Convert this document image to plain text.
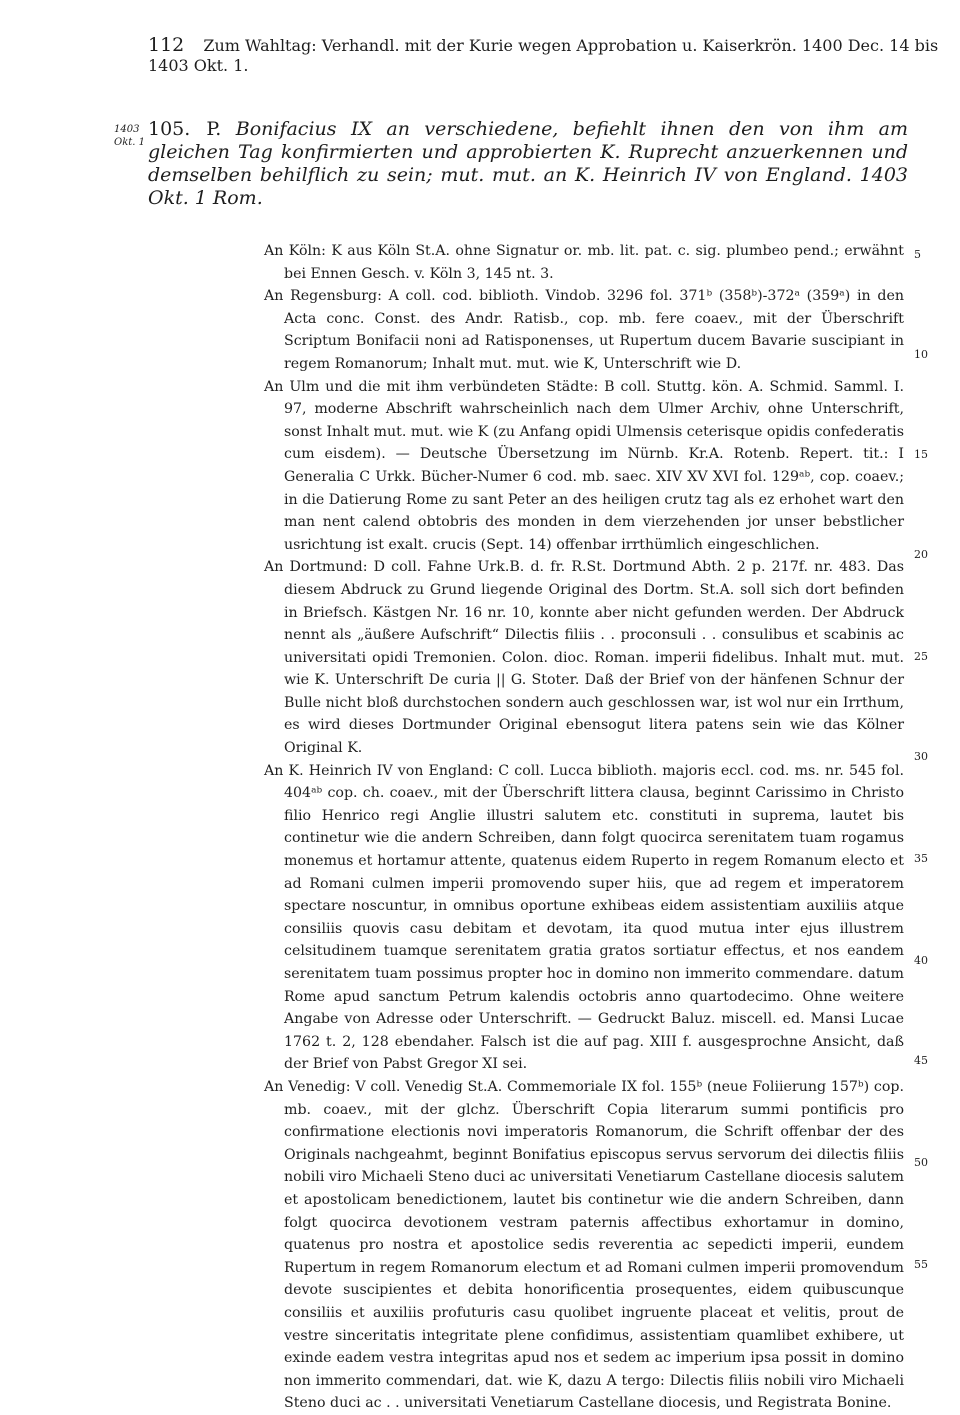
112 Zum Wahltag: Verhandl. mit der Kurie wegen Approbation u. Kaiserkrön. 1400 Dec. 14 bis 1403 Okt. 1.
1403
Okt. 1
105. P. Bonifacius IX an verschiedene, befiehlt ihnen den von ihm am gleichen Tag konfirmierten und approbierten K. Ruprecht anzuerkennen und demselben behilflich zu sein; mut. mut. an K. Heinrich IV von England. 1403 Okt. 1 Rom.

An Köln: K aus Köln St.A. ohne Signatur or. mb. lit. pat. c. sig. plumbeo pend.; erwähnt bei Ennen Gesch. v. Köln 3, 145 nt. 3.

An Regensburg: A coll. cod. biblioth. Vindob. 3296 fol. 371ᵇ (358ᵇ)-372ᵃ (359ᵃ) in den Acta conc. Const. des Andr. Ratisb., cop. mb. fere coaev., mit der Überschrift Scriptum Bonifacii noni ad Ratisponenses, ut Rupertum ducem Bavarie suscipiant in regem Romanorum; Inhalt mut. mut. wie K, Unterschrift wie D.

An Ulm und die mit ihm verbündeten Städte: B coll. Stuttg. kön. A. Schmid. Samml. I. 97, moderne Abschrift wahrscheinlich nach dem Ulmer Archiv, ohne Unterschrift, sonst Inhalt mut. mut. wie K (zu Anfang opidi Ulmensis ceterisque opidis confederatis cum eisdem). — Deutsche Übersetzung im Nürnb. Kr.A. Rotenb. Repert. tit.: I Generalia C Urkk. Bücher-Numer 6 cod. mb. saec. XIV XV XVI fol. 129ᵃᵇ, cop. coaev.; in die Datierung Rome zu sant Peter an des heiligen crutz tag als ez erhohet wart den man nent calend obtobris des monden in dem vierzehenden jor unser bebstlicher usrichtung ist exalt. crucis (Sept. 14) offenbar irrthümlich eingeschlichen.

An Dortmund: D coll. Fahne Urk.B. d. fr. R.St. Dortmund Abth. 2 p. 217f. nr. 483. Das diesem Abdruck zu Grund liegende Original des Dortm. St.A. soll sich dort befinden in Briefsch. Kästgen Nr. 16 nr. 10, konnte aber nicht gefunden werden. Der Abdruck nennt als „äußere Aufschrift“ Dilectis filiis . . proconsuli . . consulibus et scabinis ac universitati opidi Tremonien. Colon. dioc. Roman. imperii fidelibus. Inhalt mut. mut. wie K. Unterschrift De curia || G. Stoter. Daß der Brief von der hänfenen Schnur der Bulle nicht bloß durchstochen sondern auch geschlossen war, ist wol nur ein Irrthum, es wird dieses Dortmunder Original ebensogut litera patens sein wie das Kölner Original K.

An K. Heinrich IV von England: C coll. Lucca biblioth. majoris eccl. cod. ms. nr. 545 fol. 404ᵃᵇ cop. ch. coaev., mit der Überschrift littera clausa, beginnt Carissimo in Christo filio Henrico regi Anglie illustri salutem etc. constituti in suprema, lautet bis continetur wie die andern Schreiben, dann folgt quocirca serenitatem tuam rogamus monemus et hortamur attente, quatenus eidem Ruperto in regem Romanum electo et ad Romani culmen imperii promovendo super hiis, que ad regem et imperatorem spectare noscuntur, in omnibus oportune exhibeas eidem assistentiam auxiliis atque consiliis quovis casu debitam et devotam, ita quod mutua inter ejus illustrem celsitudinem tuamque serenitatem gratia gratos sortiatur effectus, et nos eandem serenitatem tuam possimus propter hoc in domino non immerito commendare. datum Rome apud sanctum Petrum kalendis octobris anno quartodecimo. Ohne weitere Angabe von Adresse oder Unterschrift. — Gedruckt Baluz. miscell. ed. Mansi Lucae 1762 t. 2, 128 ebendaher. Falsch ist die auf pag. XIII f. ausgesprochne Ansicht, daß der Brief von Pabst Gregor XI sei.

An Venedig: V coll. Venedig St.A. Commemoriale IX fol. 155ᵇ (neue Foliierung 157ᵇ) cop. mb. coaev., mit der glchz. Überschrift Copia literarum summi pontificis pro confirmatione electionis novi imperatoris Romanorum, die Schrift offenbar der des Originals nachgeahmt, beginnt Bonifatius episcopus servus servorum dei dilectis filiis nobili viro Michaeli Steno duci ac universitati Venetiarum Castellane diocesis salutem et apostolicam benedictionem, lautet bis continetur wie die andern Schreiben, dann folgt quocirca devotionem vestram paternis affectibus exhortamur in domino, quatenus pro nostra et apostolice sedis reverentia ac sepedicti imperii, eundem Rupertum in regem Romanorum electum et ad Romani culmen imperii promovendum devote suscipientes et debita honorificentia prosequentes, eidem quibuscunque consiliis et auxiliis profuturis casu quolibet ingruente placeat et velitis, prout de vestre sinceritatis integritate plene confidimus, assistentiam quamlibet exhibere, ut exinde eadem vestra integritas apud nos et sedem ac imperium ipsa possit in domino non immerito commendari, dat. wie K, dazu A tergo: Dilectis filiis nobili viro Michaeli Steno duci ac . . universitati Venetiarum Castellane diocesis, und Registrata Bonine.

5
10
15
20
25
30
35
40
45
50
55
